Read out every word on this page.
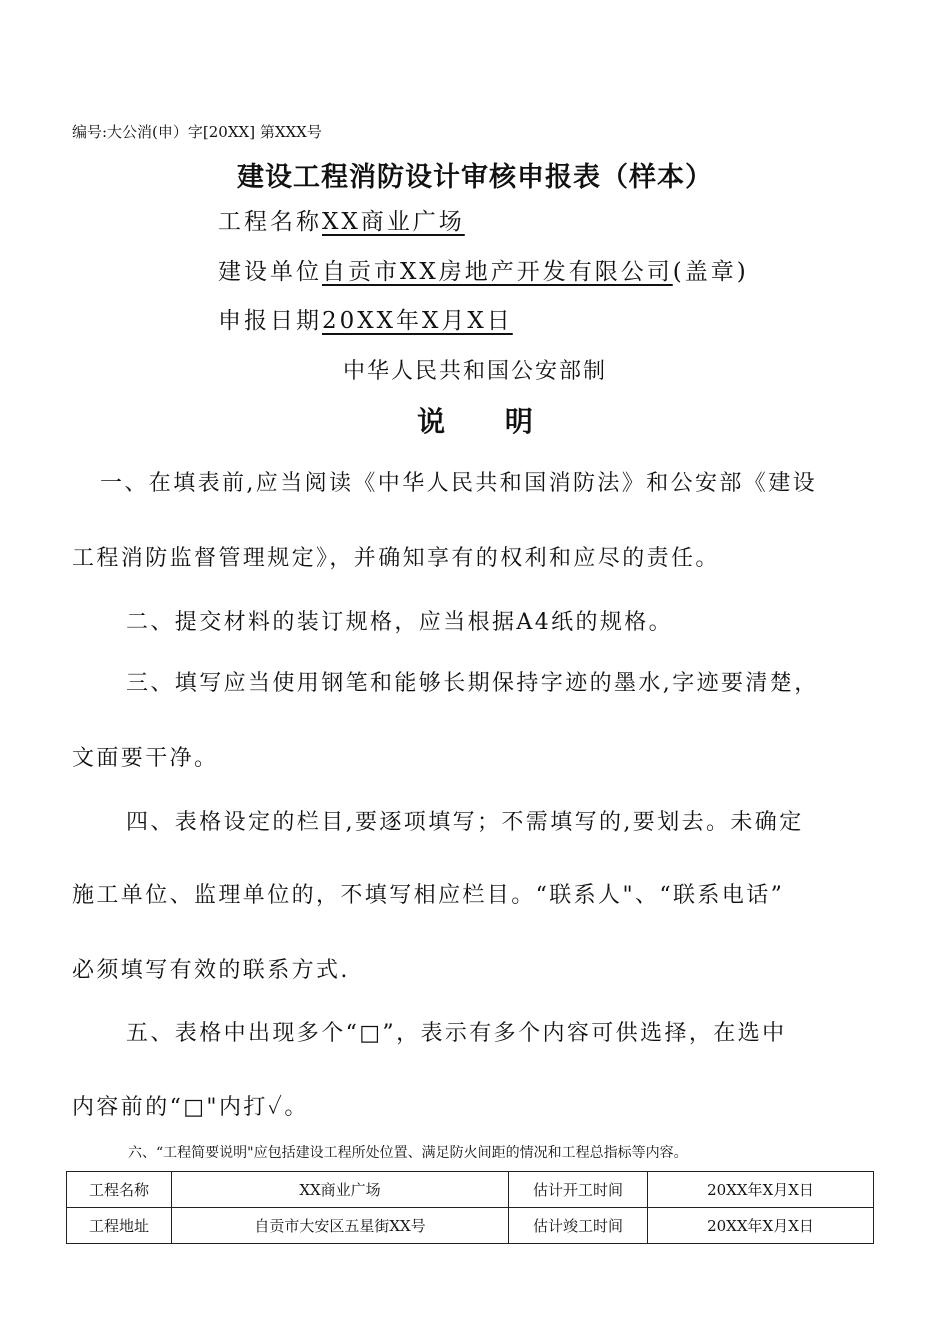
编号:大公消(申）字[20XX] 第XXX号
建设工程消防设计审核申报表（样本）
工程名称XX商业广场
建设单位自贡市XX房地产开发有限公司(盖章)
申报日期20XX年X月X日
中华人民共和国公安部制
说 明
一、在填表前,应当阅读《中华人民共和国消防法》和公安部《建设
工程消防监督管理规定》，并确知享有的权利和应尽的责任。
二、提交材料的装订规格，应当根据A4纸的规格。
三、填写应当使用钢笔和能够长期保持字迹的墨水,字迹要清楚，
文面要干净。
四、表格设定的栏目,要逐项填写；不需填写的,要划去。未确定
施工单位、监理单位的，不填写相应栏目。“联系人"、“联系电话”
必须填写有效的联系方式.
五、表格中出现多个“□”，表示有多个内容可供选择，在选中
内容前的“□"内打✓。
六、“工程简要说明"应包括建设工程所处位置、满足防火间距的情况和工程总指标等内容。
工程名称	XX商业广场	估计开工时间	20XX年X月X日
工程地址	自贡市大安区五星街XX号	估计竣工时间	20XX年X月X日
